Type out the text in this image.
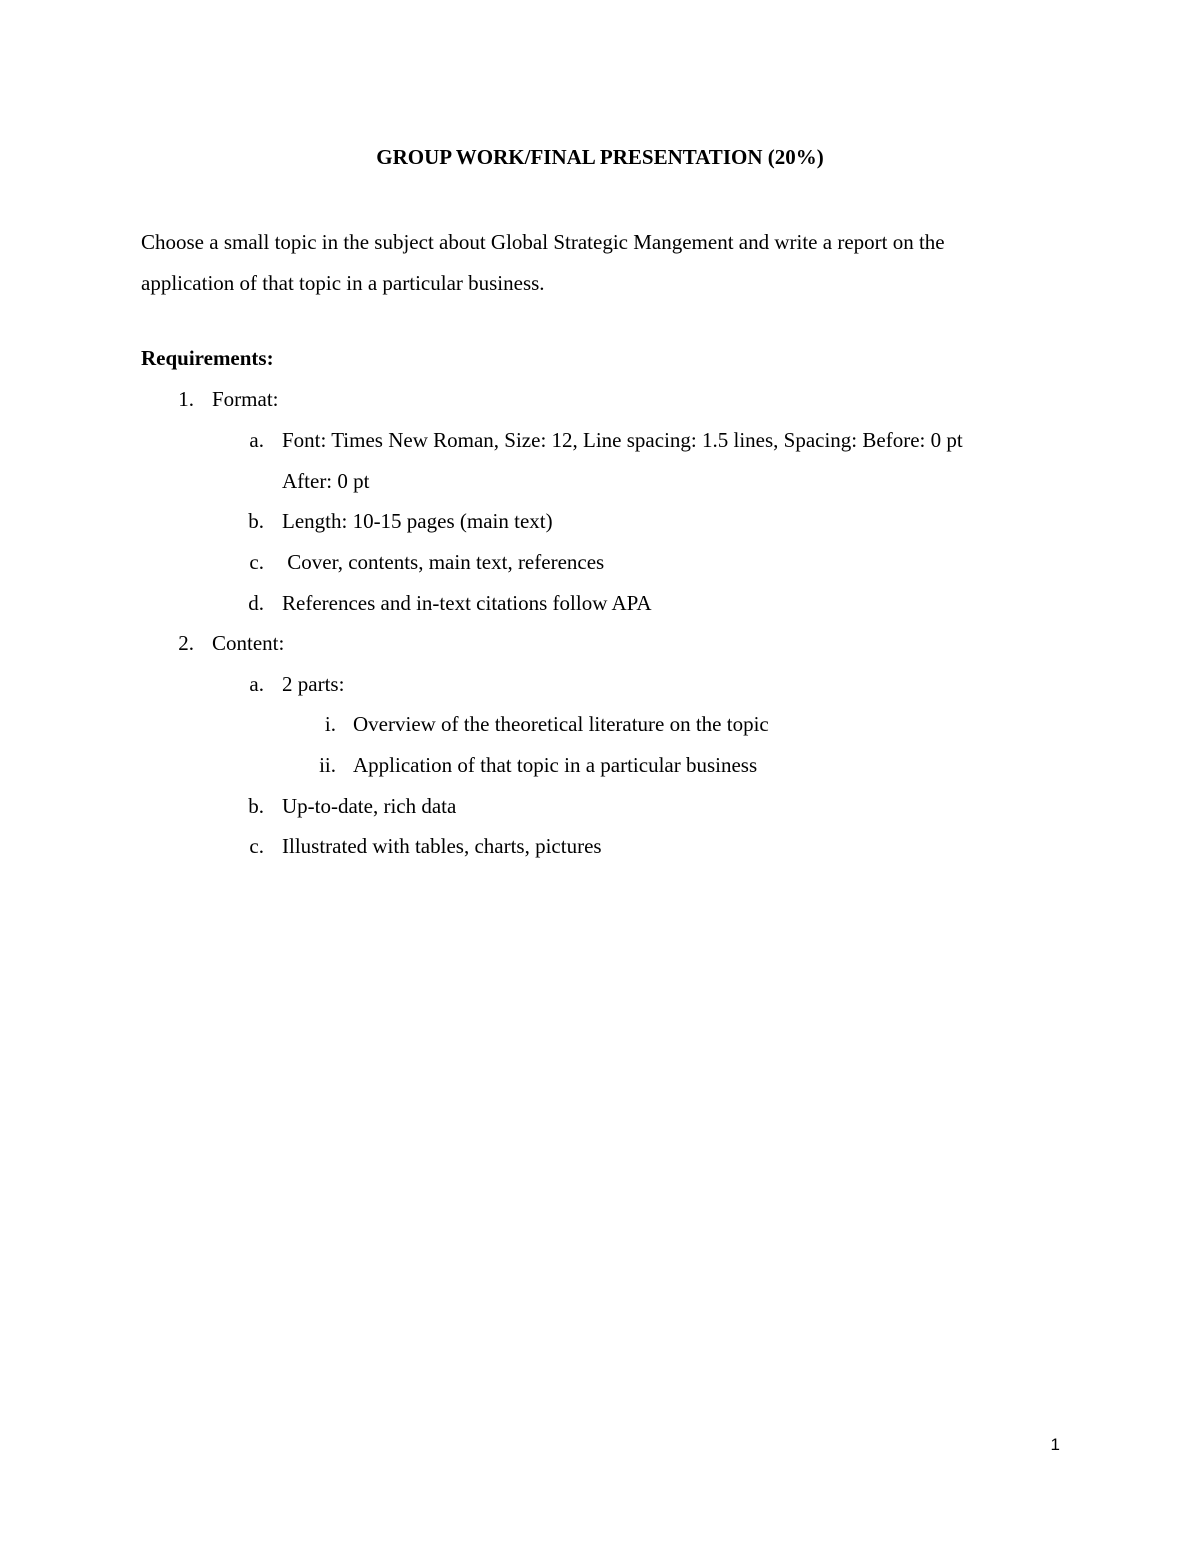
GROUP WORK/FINAL PRESENTATION (20%)
Choose a small topic in the subject about Global Strategic Mangement and write a report on the
application of that topic in a particular business.
Requirements:
1. Format:
a. Font: Times New Roman, Size: 12, Line spacing: 1.5 lines, Spacing: Before: 0 pt
After: 0 pt
b. Length: 10-15 pages (main text)
c. Cover, contents, main text, references
d. References and in-text citations follow APA
2. Content:
a. 2 parts:
i. Overview of the theoretical literature on the topic
ii. Application of that topic in a particular business
b. Up-to-date, rich data
c. Illustrated with tables, charts, pictures
1
